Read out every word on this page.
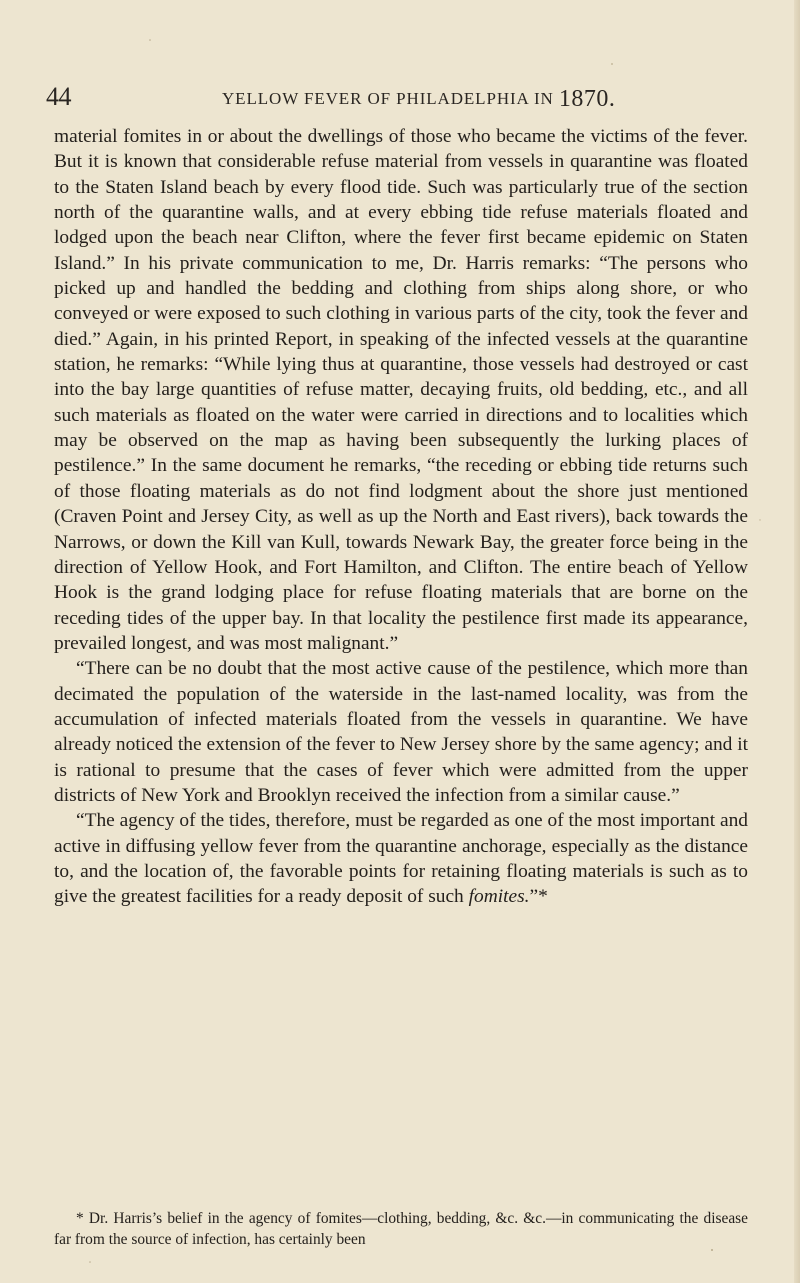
44	YELLOW FEVER OF PHILADELPHIA IN 1870.

material fomites in or about the dwellings of those who became the victims of the fever. But it is known that considerable refuse material from vessels in quarantine was floated to the Staten Island beach by every flood tide. Such was particularly true of the section north of the quarantine walls, and at every ebbing tide refuse materials floated and lodged upon the beach near Clifton, where the fever first became epidemic on Staten Island.” In his private communication to me, Dr. Harris remarks: “The persons who picked up and handled the bedding and clothing from ships along shore, or who conveyed or were exposed to such clothing in various parts of the city, took the fever and died.” Again, in his printed Report, in speaking of the infected vessels at the quarantine station, he remarks: “While lying thus at quarantine, those vessels had destroyed or cast into the bay large quantities of refuse matter, decaying fruits, old bedding, etc., and all such materials as floated on the water were carried in directions and to localities which may be observed on the map as having been subsequently the lurking places of pestilence.” In the same document he remarks, “the receding or ebbing tide returns such of those floating materials as do not find lodgment about the shore just mentioned (Craven Point and Jersey City, as well as up the North and East rivers), back towards the Narrows, or down the Kill van Kull, towards Newark Bay, the greater force being in the direction of Yellow Hook, and Fort Hamilton, and Clifton. The entire beach of Yellow Hook is the grand lodging place for refuse floating materials that are borne on the receding tides of the upper bay. In that locality the pestilence first made its appearance, prevailed longest, and was most malignant.”

“There can be no doubt that the most active cause of the pestilence, which more than decimated the population of the waterside in the last-named locality, was from the accumulation of infected materials floated from the vessels in quarantine. We have already noticed the extension of the fever to New Jersey shore by the same agency; and it is rational to presume that the cases of fever which were admitted from the upper districts of New York and Brooklyn received the infection from a similar cause.”

“The agency of the tides, therefore, must be regarded as one of the most important and active in diffusing yellow fever from the quarantine anchorage, especially as the distance to, and the location of, the favorable points for retaining floating materials is such as to give the greatest facilities for a ready deposit of such fomites.”*

* Dr. Harris’s belief in the agency of fomites—clothing, bedding, &c. &c.—in communicating the disease far from the source of infection, has certainly been
